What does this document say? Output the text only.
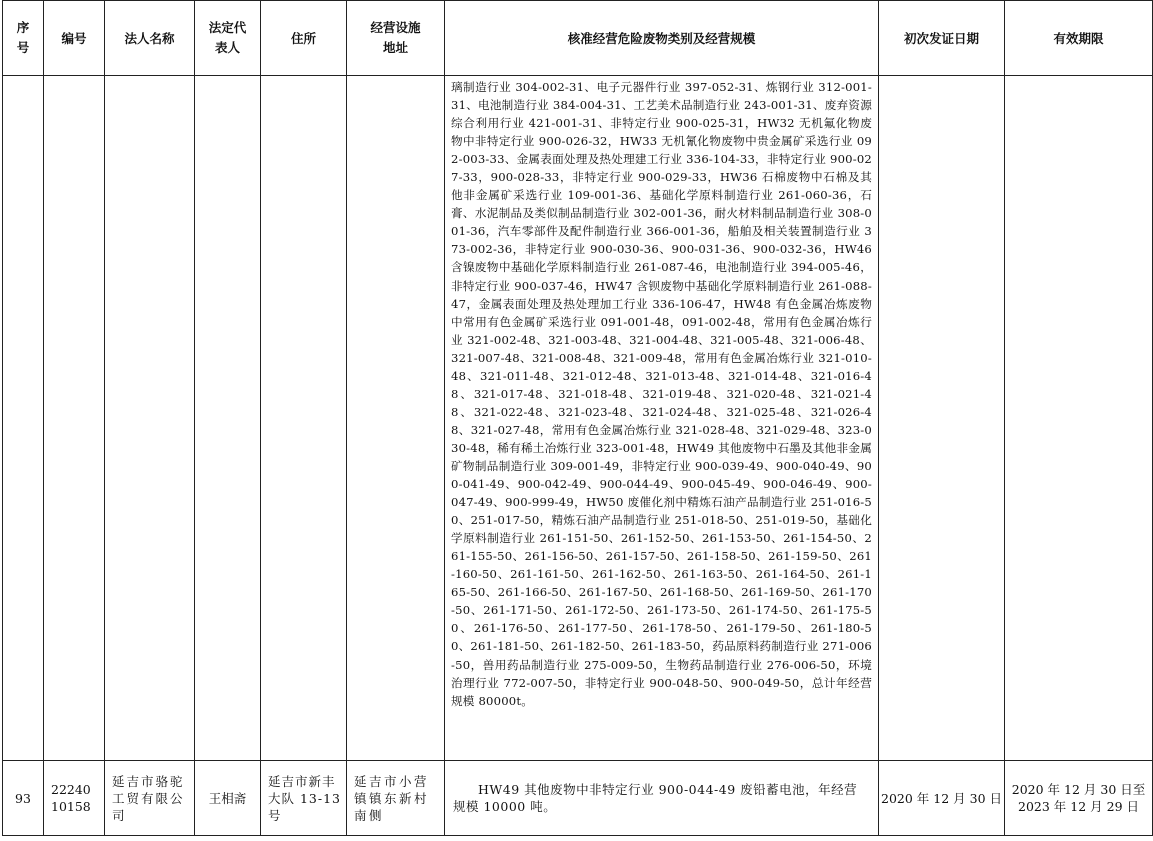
序号	编号	法人名称	法定代表人	住所	经营设施地址	核准经营危险废物类别及经营规模	初次发证日期	有效期限
						璃制造行业 304-002-31、电子元器件行业 397-052-31、炼钢行业 312-001-31、电池制造行业 384-004-31、工艺美术品制造行业 243-001-31、废弃资源综合利用行业 421-001-31、非特定行业 900-025-31，HW32 无机氟化物废物中非特定行业 900-026-32，HW33 无机氰化物废物中贵金属矿采选行业 092-003-33、金属表面处理及热处理建工行业 336-104-33，非特定行业 900-027-33，900-028-33，非特定行业 900-029-33，HW36 石棉废物中石棉及其他非金属矿采选行业 109-001-36、基础化学原料制造行业 261-060-36，石膏、水泥制品及类似制品制造行业 302-001-36，耐火材料制品制造行业 308-001-36，汽车零部件及配件制造行业 366-001-36，船舶及相关装置制造行业 373-002-36，非特定行业 900-030-36、900-031-36、900-032-36，HW46 含镍废物中基础化学原料制造行业 261-087-46，电池制造行业 394-005-46，非特定行业 900-037-46，HW47 含钡废物中基础化学原料制造行业 261-088-47，金属表面处理及热处理加工行业 336-106-47，HW48 有色金属冶炼废物中常用有色金属矿采选行业 091-001-48，091-002-48，常用有色金属冶炼行业 321-002-48、321-003-48、321-004-48、321-005-48、321-006-48、321-007-48、321-008-48、321-009-48，常用有色金属冶炼行业 321-010-48、321-011-48、321-012-48、321-013-48、321-014-48、321-016-48、321-017-48、321-018-48、321-019-48、321-020-48、321-021-48、321-022-48、321-023-48、321-024-48、321-025-48、321-026-48、321-027-48，常用有色金属冶炼行业 321-028-48、321-029-48、323-030-48，稀有稀土冶炼行业 323-001-48，HW49 其他废物中石墨及其他非金属矿物制品制造行业 309-001-49，非特定行业 900-039-49、900-040-49、900-041-49、900-042-49、900-044-49、900-045-49、900-046-49、900-047-49、900-999-49，HW50 废催化剂中精炼石油产品制造行业 251-016-50、251-017-50，精炼石油产品制造行业 251-018-50、251-019-50，基础化学原料制造行业 261-151-50、261-152-50、261-153-50、261-154-50、261-155-50、261-156-50、261-157-50、261-158-50、261-159-50、261-160-50、261-161-50、261-162-50、261-163-50、261-164-50、261-165-50、261-166-50、261-167-50、261-168-50、261-169-50、261-170-50、261-171-50、261-172-50、261-173-50、261-174-50、261-175-50、261-176-50、261-177-50、261-178-50、261-179-50、261-180-50、261-181-50、261-182-50、261-183-50，药品原料药制造行业 271-006-50，兽用药品制造行业 275-009-50，生物药品制造行业 276-006-50，环境治理行业 772-007-50，非特定行业 900-048-50、900-049-50，总计年经营规模 80000t。		
93	2224010158	延吉市骆驼工贸有限公司	王相斋	延吉市新丰大队 13-13 号	延吉市小营镇镇东新村南侧	HW49 其他废物中非特定行业 900-044-49 废铅蓄电池，年经营规模 10000 吨。	2020 年 12 月 30 日	2020 年 12 月 30 日至 2023 年 12 月 29 日
